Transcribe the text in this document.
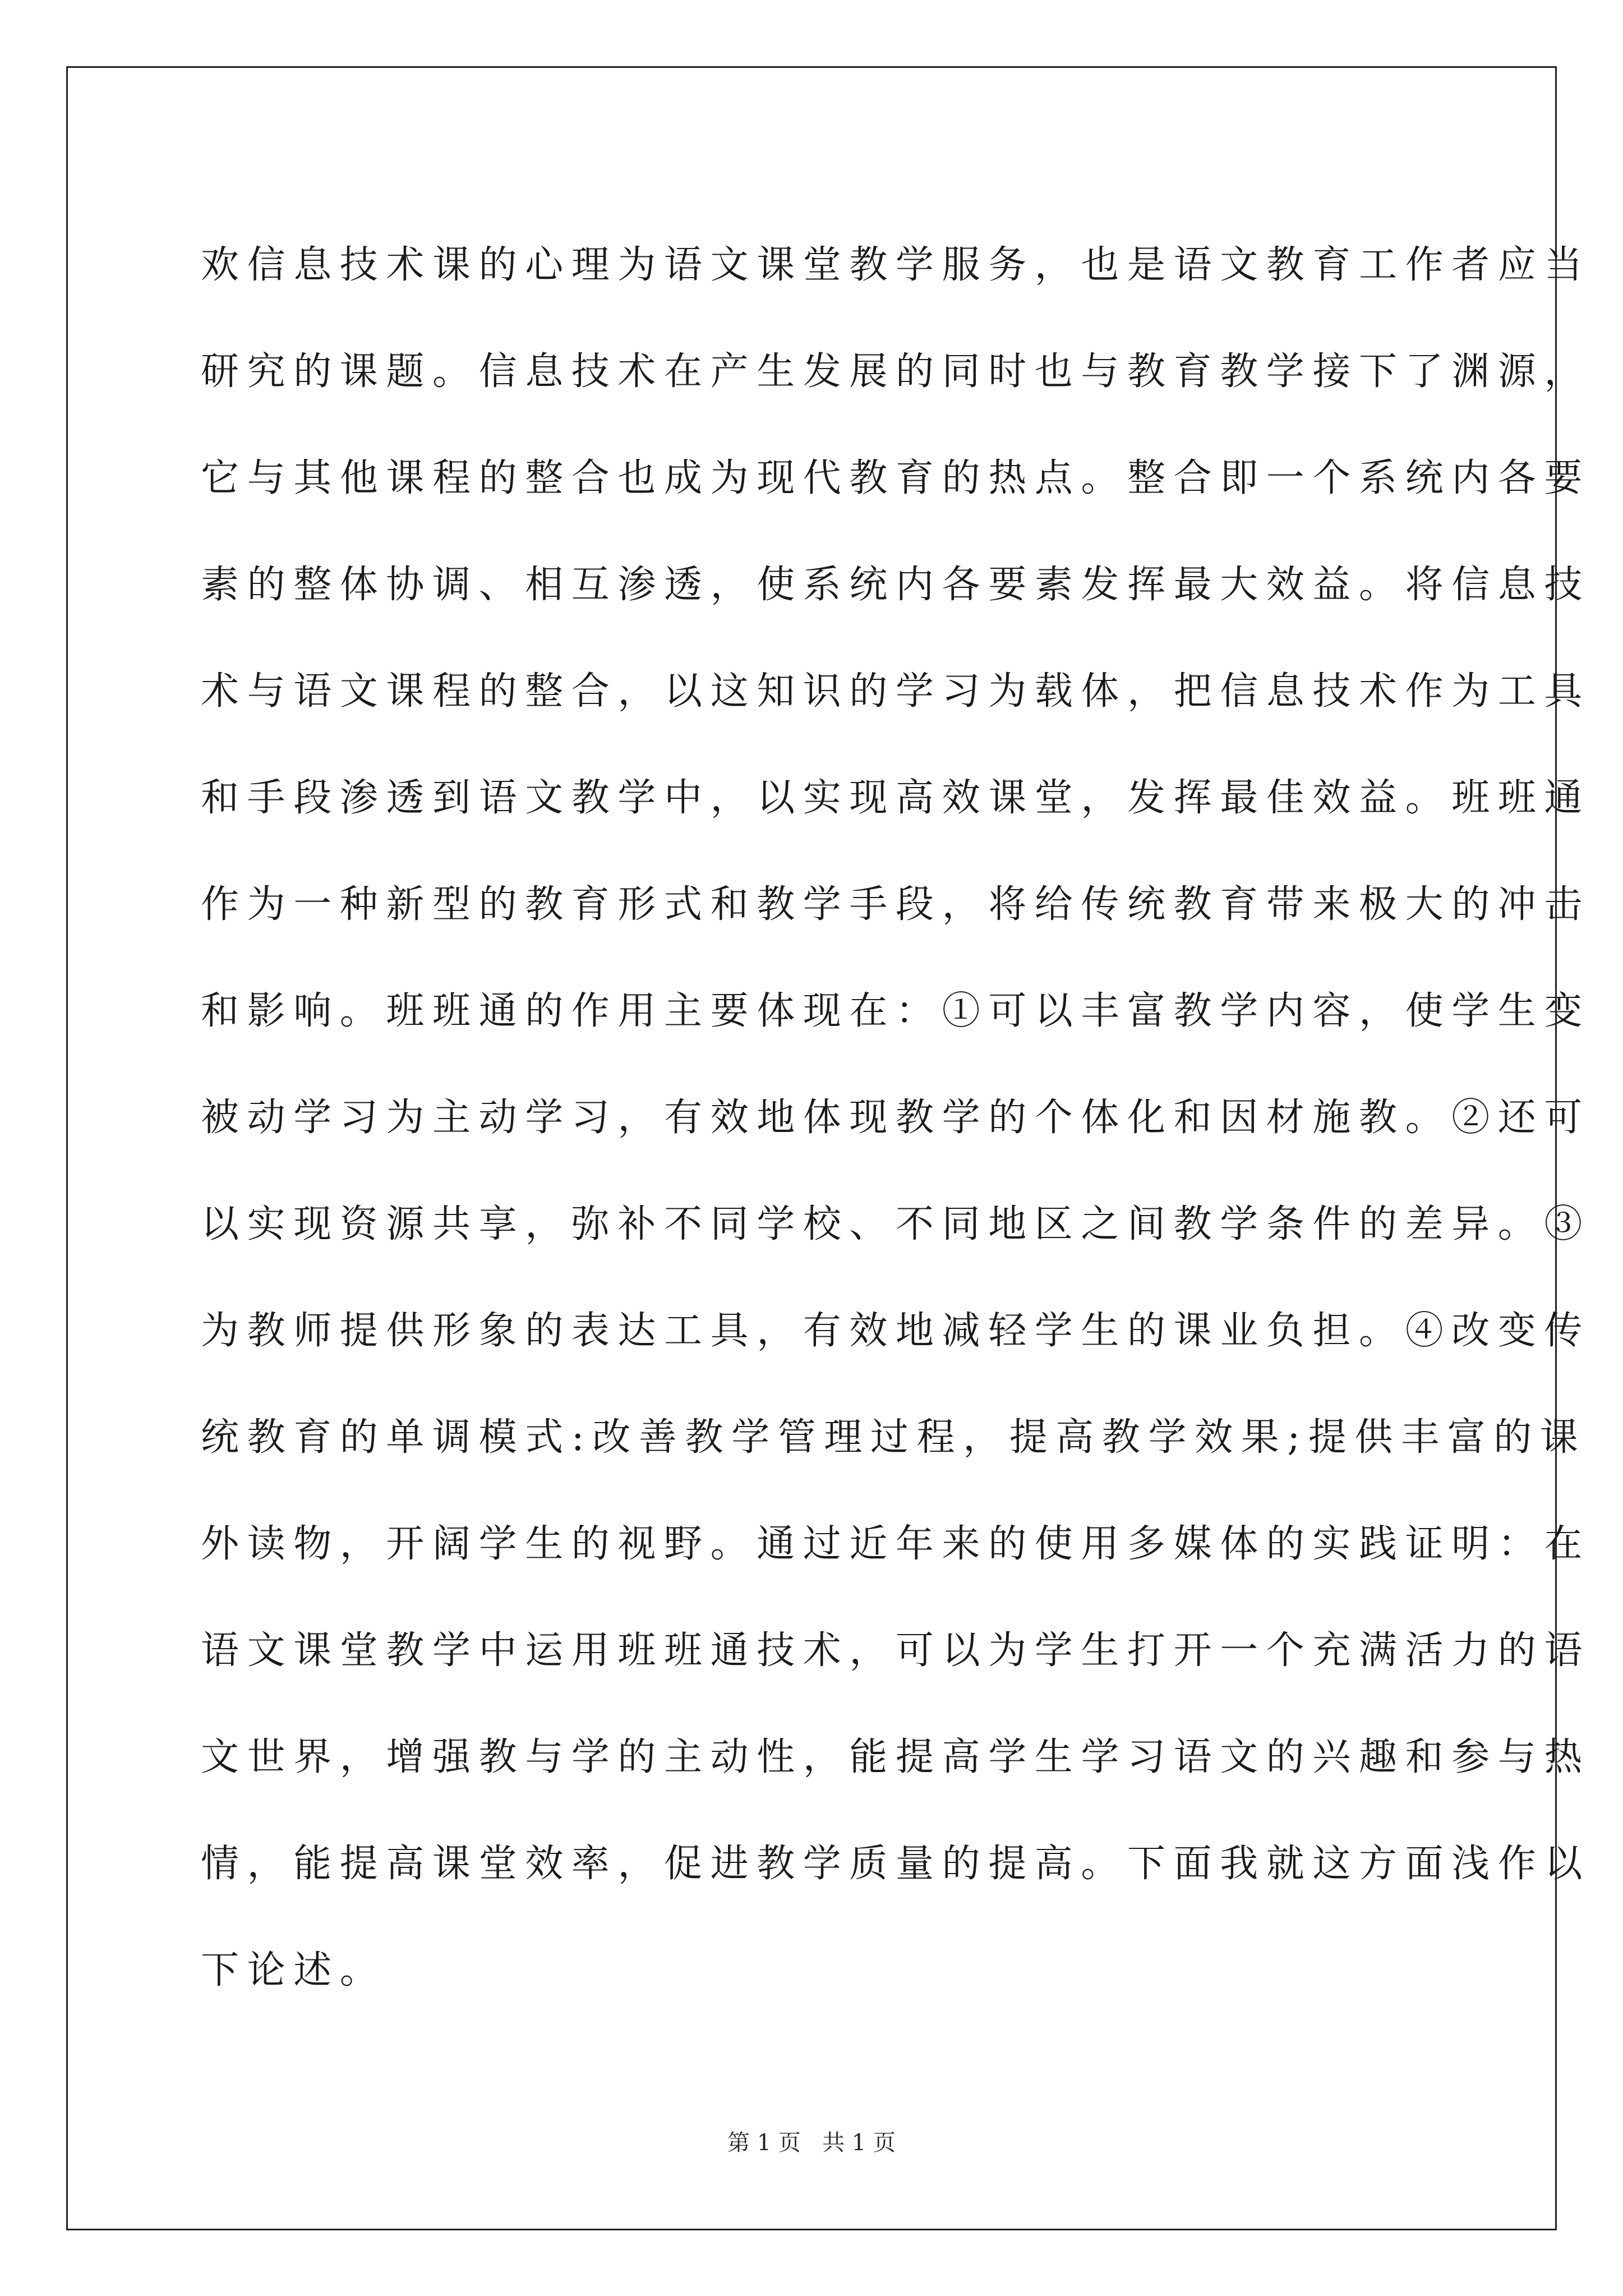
欢信息技术课的心理为语文课堂教学服务，也是语文教育工作者应当
研究的课题。信息技术在产生发展的同时也与教育教学接下了渊源，
它与其他课程的整合也成为现代教育的热点。整合即一个系统内各要
素的整体协调、相互渗透，使系统内各要素发挥最大效益。将信息技
术与语文课程的整合，以这知识的学习为载体，把信息技术作为工具
和手段渗透到语文教学中，以实现高效课堂，发挥最佳效益。班班通
作为一种新型的教育形式和教学手段，将给传统教育带来极大的冲击
和影响。班班通的作用主要体现在：①可以丰富教学内容，使学生变
被动学习为主动学习，有效地体现教学的个体化和因材施教。②还可
以实现资源共享，弥补不同学校、不同地区之间教学条件的差异。③
为教师提供形象的表达工具，有效地减轻学生的课业负担。④改变传
统教育的单调模式:改善教学管理过程，提高教学效果;提供丰富的课
外读物，开阔学生的视野。通过近年来的使用多媒体的实践证明：在
语文课堂教学中运用班班通技术，可以为学生打开一个充满活力的语
文世界，增强教与学的主动性，能提高学生学习语文的兴趣和参与热
情，能提高课堂效率，促进教学质量的提高。下面我就这方面浅作以
下论述。
第 1 页   共 1 页
